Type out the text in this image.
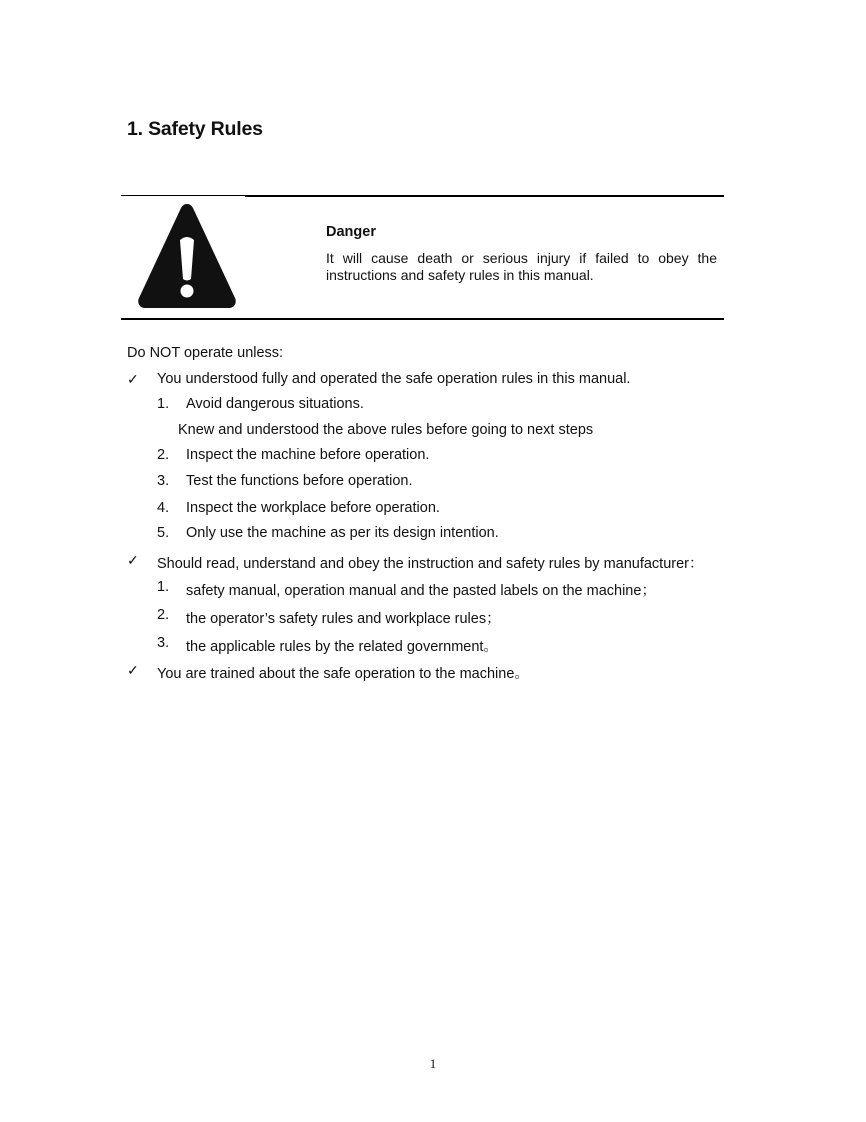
1. Safety Rules

Danger

It will cause death or serious injury if failed to obey the instructions and safety rules in this manual.

Do NOT operate unless:

✓ You understood fully and operated the safe operation rules in this manual.

1. Avoid dangerous situations.

Knew and understood the above rules before going to next steps

2. Inspect the machine before operation.

3. Test the functions before operation.

4. Inspect the workplace before operation.

5. Only use the machine as per its design intention.

✓ Should read, understand and obey the instruction and safety rules by manufacturer：

1. safety manual, operation manual and the pasted labels on the machine；

2. the operator’s safety rules and workplace rules；

3. the applicable rules by the related government。

✓ You are trained about the safe operation to the machine。

1
